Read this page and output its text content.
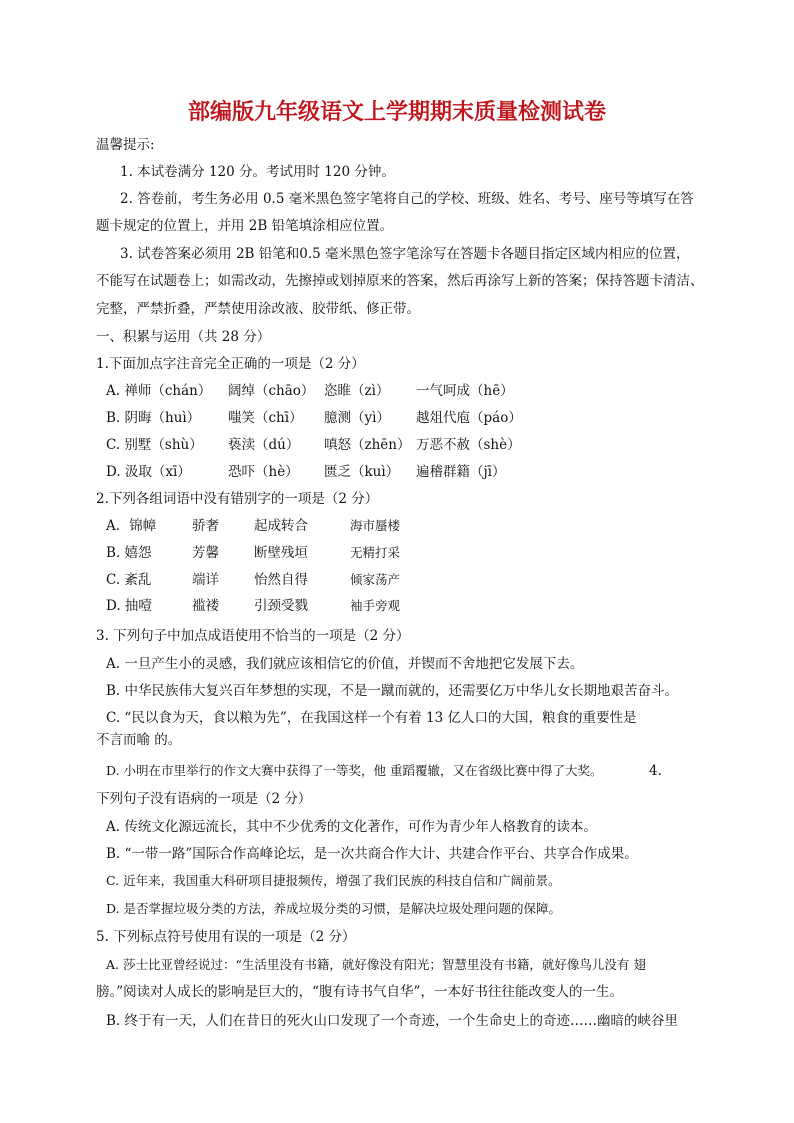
部编版九年级语文上学期期末质量检测试卷
温馨提示:
1. 本试卷满分 120 分。考试用时 120 分钟。
2. 答卷前，考生务必用 0.5 毫米黑色签字笔将自己的学校、班级、姓名、考号、座号等填写在答
题卡规定的位置上，并用 2B 铅笔填涂相应位置。
3. 试卷答案必须用 2B 铅笔和0.5 毫米黑色签字笔涂写在答题卡各题目指定区域内相应的位置，
不能写在试题卷上；如需改动，先擦掉或划掉原来的答案，然后再涂写上新的答案；保持答题卡清洁、
完整，严禁折叠，严禁使用涂改液、胶带纸、修正带。
一、积累与运用（共 28 分）
1.下面加点字注音完全正确的一项是（2 分）
A. 禅师（chán） 阔绰（chāo） 恣睢（zì） 一气呵成（hē）
B. 阴晦（huì） 嗤笑（chī） 臆测（yì） 越俎代庖（páo）
C. 别墅（shù） 亵渎（dú） 嗔怒（zhēn） 万恶不赦（shè）
D. 汲取（xī）	恐吓（hè） 匮乏（kuì） 遍稽群籍（jī）
2.下列各组词语中没有错别字的一项是（2 分）
A．锦幛	骄奢	起成转合	海市蜃楼
B. 嬉怨	芳馨	断壁残垣	无精打采
C. 紊乱	端详	怡然自得	倾家荡产
D. 抽噎	褴褛	引颈受戮	袖手旁观
3. 下列句子中加点成语使用不恰当的一项是（2 分）
A. 一旦产生小的灵感，我们就应该相信它的价值，并锲而不舍地把它发展下去。
B. 中华民族伟大复兴百年梦想的实现，不是一蹴而就的，还需要亿万中华儿女长期地艰苦奋斗。
C. “民以食为天，食以粮为先”，在我国这样一个有着 13 亿人口的大国，粮食的重要性是
不言而喻 的。
D. 小明在市里举行的作文大赛中获得了一等奖，他 重蹈覆辙，又在省级比赛中得了大奖。	4.
下列句子没有语病的一项是（2 分）
A. 传统文化源远流长，其中不少优秀的文化著作，可作为青少年人格教育的读本。
B. “一带一路”国际合作高峰论坛，是一次共商合作大计、共建合作平台、共享合作成果。
C. 近年来，我国重大科研项目捷报频传，增强了我们民族的科技自信和广阔前景。
D. 是否掌握垃圾分类的方法，养成垃圾分类的习惯，是解决垃圾处理问题的保障。
5. 下列标点符号使用有误的一项是（2 分）
A. 莎士比亚曾经说过：“生活里没有书籍，就好像没有阳光；智慧里没有书籍，就好像鸟儿没有 翅
膀。”阅读对人成长的影响是巨大的，“腹有诗书气自华”，一本好书往往能改变人的一生。
B. 终于有一天，人们在昔日的死火山口发现了一个奇迹，一个生命史上的奇迹……幽暗的峡谷里
